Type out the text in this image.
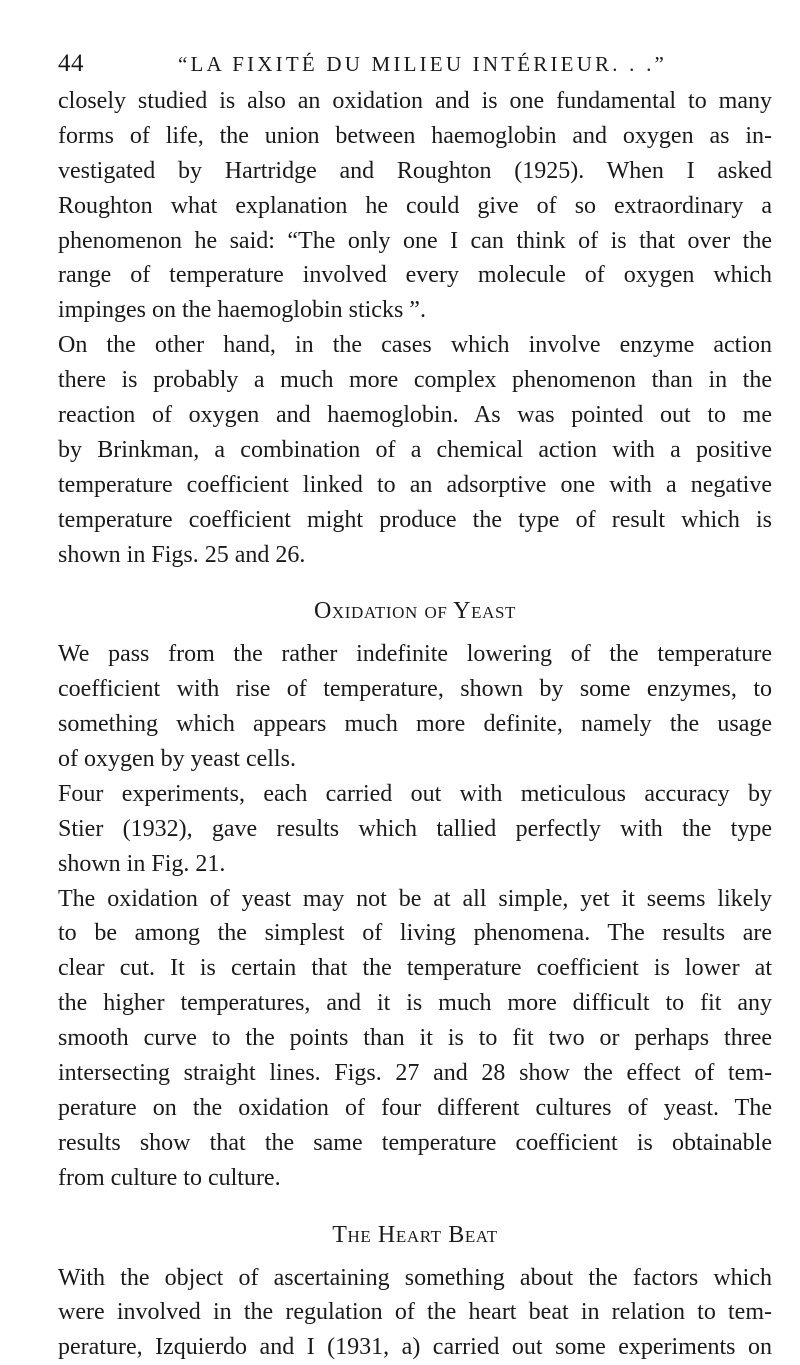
44	“LA FIXITÉ DU MILIEU INTÉRIEUR. . .”
closely studied is also an oxidation and is one fundamental to many
forms of life, the union between haemoglobin and oxygen as in-
vestigated by Hartridge and Roughton (1925). When I asked
Roughton what explanation he could give of so extraordinary a
phenomenon he said: “The only one I can think of is that over the
range of temperature involved every molecule of oxygen which
impinges on the haemoglobin sticks ”.
On the other hand, in the cases which involve enzyme action
there is probably a much more complex phenomenon than in the
reaction of oxygen and haemoglobin. As was pointed out to me
by Brinkman, a combination of a chemical action with a positive
temperature coefficient linked to an adsorptive one with a negative
temperature coefficient might produce the type of result which is
shown in Figs. 25 and 26.
Oxidation of Yeast
We pass from the rather indefinite lowering of the temperature
coefficient with rise of temperature, shown by some enzymes, to
something which appears much more definite, namely the usage
of oxygen by yeast cells.
Four experiments, each carried out with meticulous accuracy by
Stier (1932), gave results which tallied perfectly with the type
shown in Fig. 21.
The oxidation of yeast may not be at all simple, yet it seems likely
to be among the simplest of living phenomena. The results are
clear cut. It is certain that the temperature coefficient is lower at
the higher temperatures, and it is much more difficult to fit any
smooth curve to the points than it is to fit two or perhaps three
intersecting straight lines. Figs. 27 and 28 show the effect of tem-
perature on the oxidation of four different cultures of yeast. The
results show that the same temperature coefficient is obtainable
from culture to culture.
The Heart Beat
With the object of ascertaining something about the factors which
were involved in the regulation of the heart beat in relation to tem-
perature, Izquierdo and I (1931, a) carried out some experiments on
